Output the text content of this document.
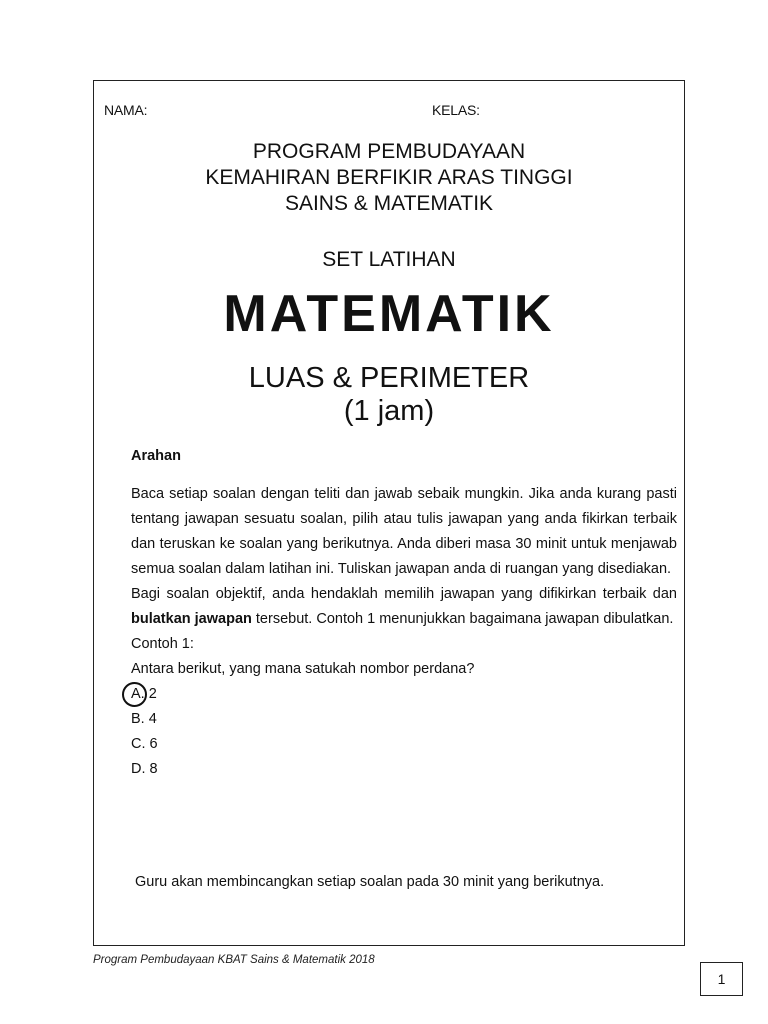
NAMA:	KELAS:
PROGRAM PEMBUDAYAAN
KEMAHIRAN BERFIKIR ARAS TINGGI
SAINS & MATEMATIK
SET LATIHAN
MATEMATIK
LUAS & PERIMETER
(1 jam)

Arahan

Baca setiap soalan dengan teliti dan jawab sebaik mungkin. Jika anda kurang pasti tentang jawapan sesuatu soalan, pilih atau tulis jawapan yang anda fikirkan terbaik dan teruskan ke soalan yang berikutnya. Anda diberi masa 30 minit untuk menjawab semua soalan dalam latihan ini. Tuliskan jawapan anda di ruangan yang disediakan.

Bagi soalan objektif, anda hendaklah memilih jawapan yang difikirkan terbaik dan bulatkan jawapan tersebut. Contoh 1 menunjukkan bagaimana jawapan dibulatkan.

Contoh 1:

Antara berikut, yang mana satukah nombor perdana?

A. 2

B. 4

C. 6

D. 8

Guru akan membincangkan setiap soalan pada 30 minit yang berikutnya.
Program Pembudayaan KBAT Sains & Matematik 2018
1
